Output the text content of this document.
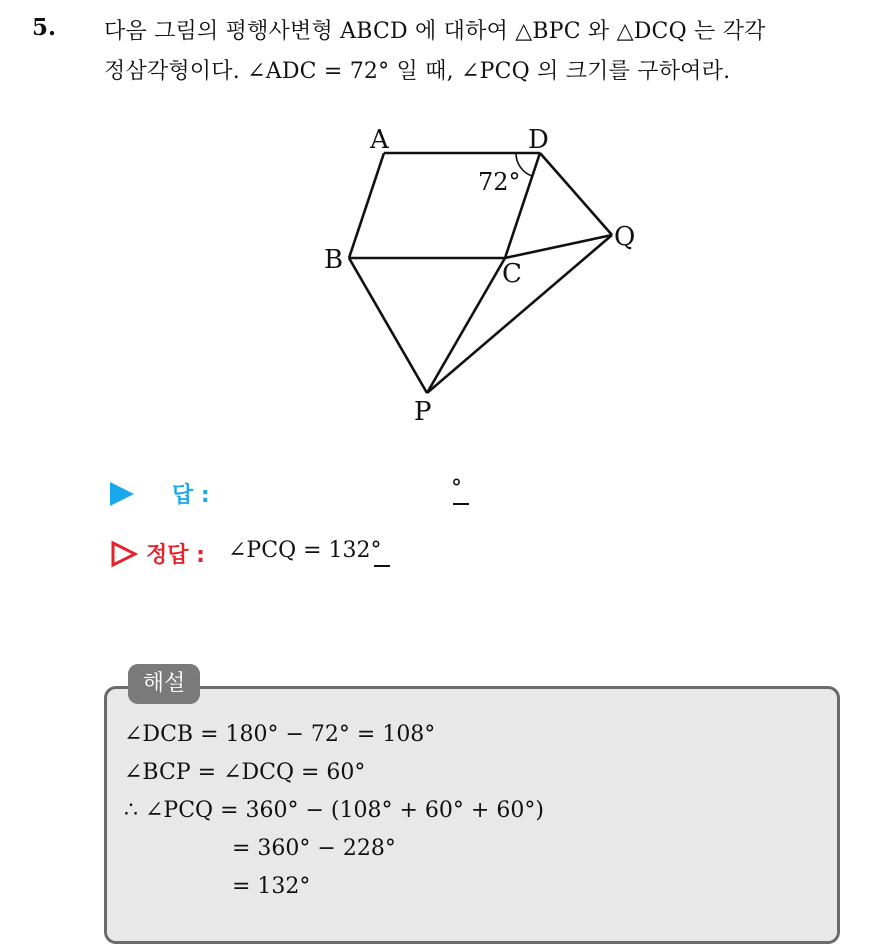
5. 다음 그림의 평행사변형 ABCD 에 대하여 △BPC 와 △DCQ 는 각각
정삼각형이다. ∠ADC = 72° 일 때, ∠PCQ 의 크기를 구하여라.
A	D
B	C
Q
P
72°
답 :	°
정답 : ∠PCQ = 132°
해설
∠DCB = 180° − 72° = 108°
∠BCP = ∠DCQ = 60°
∴ ∠PCQ = 360° − (108° + 60° + 60°)
= 360° − 228°
= 132°
